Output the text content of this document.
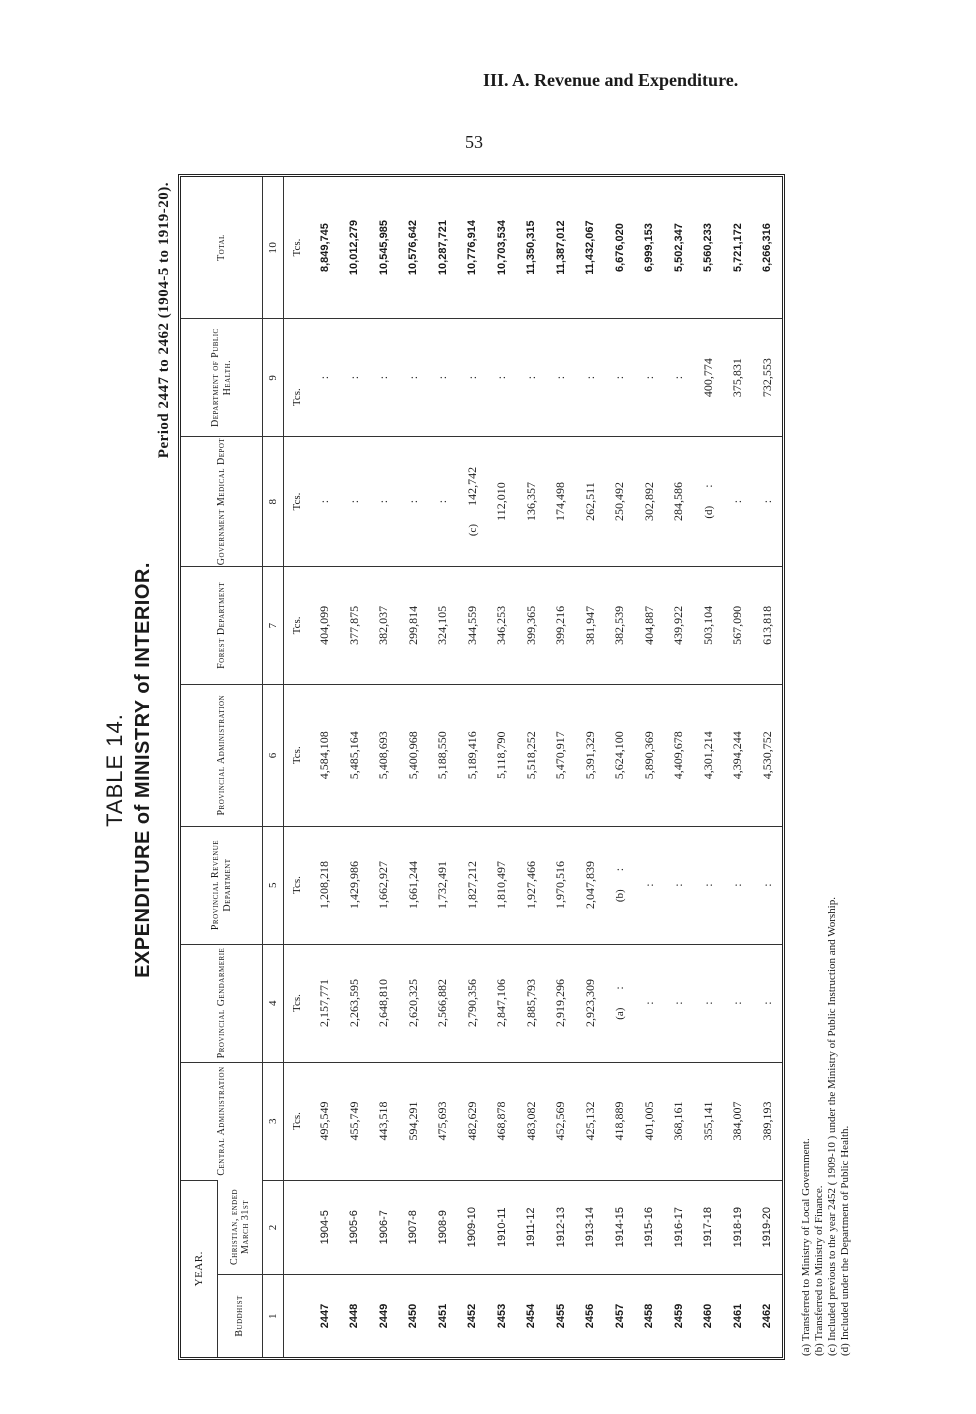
III. A. Revenue and Expenditure.
53
TABLE 14. EXPENDITURE of MINISTRY of INTERIOR.
Period 2447 to 2462 (1904-5 to 1919-20).
YEAR.		Central Administration	Provincial Gendarmerie	Provincial Revenue Department	Provincial Administration	Forest Department	Government Medical Depot	Department of Public Health.	Total
Buddhist	Christian, ended March 31st								
1	2	3	4	5	6	7	8	9	10
		Tcs.	Tcs.	Tcs.	Tcs.	Tcs.	Tcs.	Tcs.	Tcs.
2447	1904-5	495,549	2,157,771	1,208,218	4,584,108	404,099	:	:	8,849,745
2448	1905-6	455,749	2,263,595	1,429,986	5,485,164	377,875	:	:	10,012,279
2449	1906-7	443,518	2,648,810	1,662,927	5,408,693	382,037	:	:	10,545,985
2450	1907-8	594,291	2,620,325	1,661,244	5,400,968	299,814	:	:	10,576,642
2451	1908-9	475,693	2,566,882	1,732,491	5,188,550	324,105	:	:	10,287,721
2452	1909-10	482,629	2,790,356	1,827,212	5,189,416	344,559	(c)142,742	:	10,776,914
2453	1910-11	468,878	2,847,106	1,810,497	5,118,790	346,253	112,010	:	10,703,534
2454	1911-12	483,082	2,885,793	1,927,466	5,518,252	399,365	136,357	:	11,350,315
2455	1912-13	452,569	2,919,296	1,970,516	5,470,917	399,216	174,498	:	11,387,012
2456	1913-14	425,132	2,923,309	2,047,839	5,391,329	381,947	262,511	:	11,432,067
2457	1914-15	418,889	(a):	(b):	5,624,100	382,539	250,492	:	6,676,020
2458	1915-16	401,005	:	:	5,890,369	404,887	302,892	:	6,999,153
2459	1916-17	368,161	:	:	4,409,678	439,922	284,586	:	5,502,347
2460	1917-18	355,141	:	:	4,301,214	503,104	(d):	400,774	5,560,233
2461	1918-19	384,007	:	:	4,394,244	567,090	:	375,831	5,721,172
2462	1919-20	389,193	:	:	4,530,752	613,818	:	732,553	6,266,316
(a) Transferred to Ministry of Local Government. (b) Transferred to Ministry of Finance. (c) Included previous to the year 2452 ( 1909-10 ) under the Ministry of Public Instruction and Worship. (d) Included under the Department of Public Health.
